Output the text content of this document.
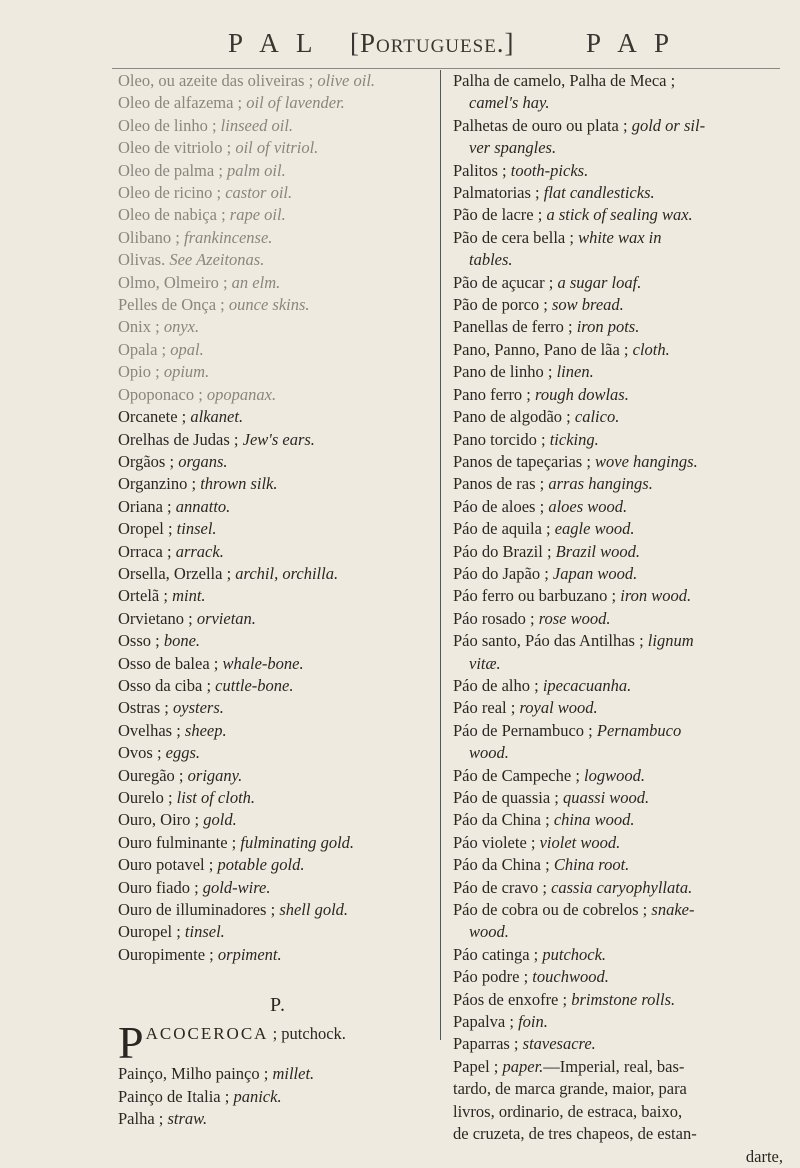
P A L [Portuguese.]	P A P
Oleo, ou azeite das oliveiras ; olive oil.
Oleo de alfazema ; oil of lavender.
Oleo de linho ; linseed oil.
Oleo de vitriolo ; oil of vitriol.
Oleo de palma ; palm oil.
Oleo de ricino ; castor oil.
Oleo de nabiça ; rape oil.
Olibano ; frankincense.
Olivas. See Azeitonas.
Olmo, Olmeiro ; an elm.
Pelles de Onça ; ounce skins.
Onix ; onyx.
Opala ; opal.
Opio ; opium.
Opoponaco ; opopanax.
Orcanete ; alkanet.
Orelhas de Judas ; Jew's ears.
Orgãos ; organs.
Organzino ; thrown silk.
Oriana ; annatto.
Oropel ; tinsel.
Orraca ; arrack.
Orsella, Orzella ; archil, orchilla.
Ortelã ; mint.
Orvietano ; orvietan.
Osso ; bone.
Osso de balea ; whale-bone.
Osso da ciba ; cuttle-bone.
Ostras ; oysters.
Ovelhas ; sheep.
Ovos ; eggs.
Ouregão ; origany.
Ourelo ; list of cloth.
Ouro, Oiro ; gold.
Ouro fulminante ; fulminating gold.
Ouro potavel ; potable gold.
Ouro fiado ; gold-wire.
Ouro de illuminadores ; shell gold.
Ouropel ; tinsel.
Ouropimente ; orpiment.
P.
PACOCEROCA ; putchock.
Painço, Milho painço ; millet.
Painço de Italia ; panick.
Palha ; straw.
Palha de camelo, Palha de Meca ;
camel's hay.
Palhetas de ouro ou plata ; gold or sil-
ver spangles.
Palitos ; tooth-picks.
Palmatorias ; flat candlesticks.
Pão de lacre ; a stick of sealing wax.
Pão de cera bella ; white wax in
tables.
Pão de açucar ; a sugar loaf.
Pão de porco ; sow bread.
Panellas de ferro ; iron pots.
Pano, Panno, Pano de lãa ; cloth.
Pano de linho ; linen.
Pano ferro ; rough dowlas.
Pano de algodão ; calico.
Pano torcido ; ticking.
Panos de tapeçarias ; wove hangings.
Panos de ras ; arras hangings.
Páo de aloes ; aloes wood.
Páo de aquila ; eagle wood.
Páo do Brazil ; Brazil wood.
Páo do Japão ; Japan wood.
Páo ferro ou barbuzano ; iron wood.
Páo rosado ; rose wood.
Páo santo, Páo das Antilhas ; lignum
vitæ.
Páo de alho ; ipecacuanha.
Páo real ; royal wood.
Páo de Pernambuco ; Pernambuco
wood.
Páo de Campeche ; logwood.
Páo de quassia ; quassi wood.
Páo da China ; china wood.
Páo violete ; violet wood.
Páo da China ; China root.
Páo de cravo ; cassia caryophyllata.
Páo de cobra ou de cobrelos ; snake-
wood.
Páo catinga ; putchock.
Páo podre ; touchwood.
Páos de enxofre ; brimstone rolls.
Papalva ; foin.
Paparras ; stavesacre.
Papel ; paper.—Imperial, real, bas-
tardo, de marca grande, maior, para
livros, ordinario, de estraca, baixo,
de cruzeta, de tres chapeos, de estan-
darte,
